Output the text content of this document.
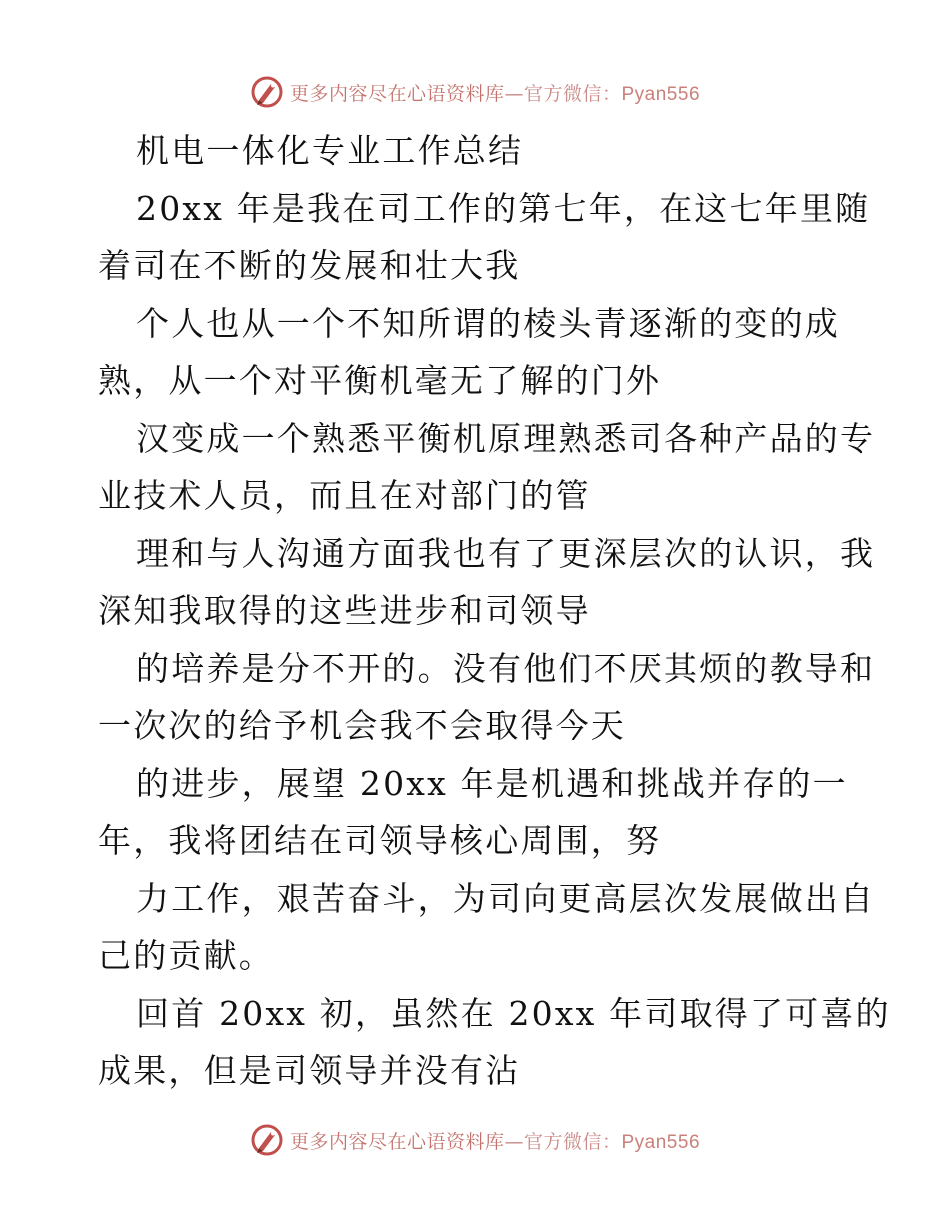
更多内容尽在心语资料库—官方微信：Pyan556
机电一体化专业工作总结
20xx 年是我在司工作的第七年，在这七年里随
着司在不断的发展和壮大我
个人也从一个不知所谓的棱头青逐渐的变的成
熟，从一个对平衡机毫无了解的门外
汉变成一个熟悉平衡机原理熟悉司各种产品的专
业技术人员，而且在对部门的管
理和与人沟通方面我也有了更深层次的认识，我
深知我取得的这些进步和司领导
的培养是分不开的。没有他们不厌其烦的教导和
一次次的给予机会我不会取得今天
的进步，展望 20xx 年是机遇和挑战并存的一
年，我将团结在司领导核心周围，努
力工作，艰苦奋斗，为司向更高层次发展做出自
己的贡献。
回首 20xx 初，虽然在 20xx 年司取得了可喜的
成果，但是司领导并没有沾
更多内容尽在心语资料库—官方微信：Pyan556
